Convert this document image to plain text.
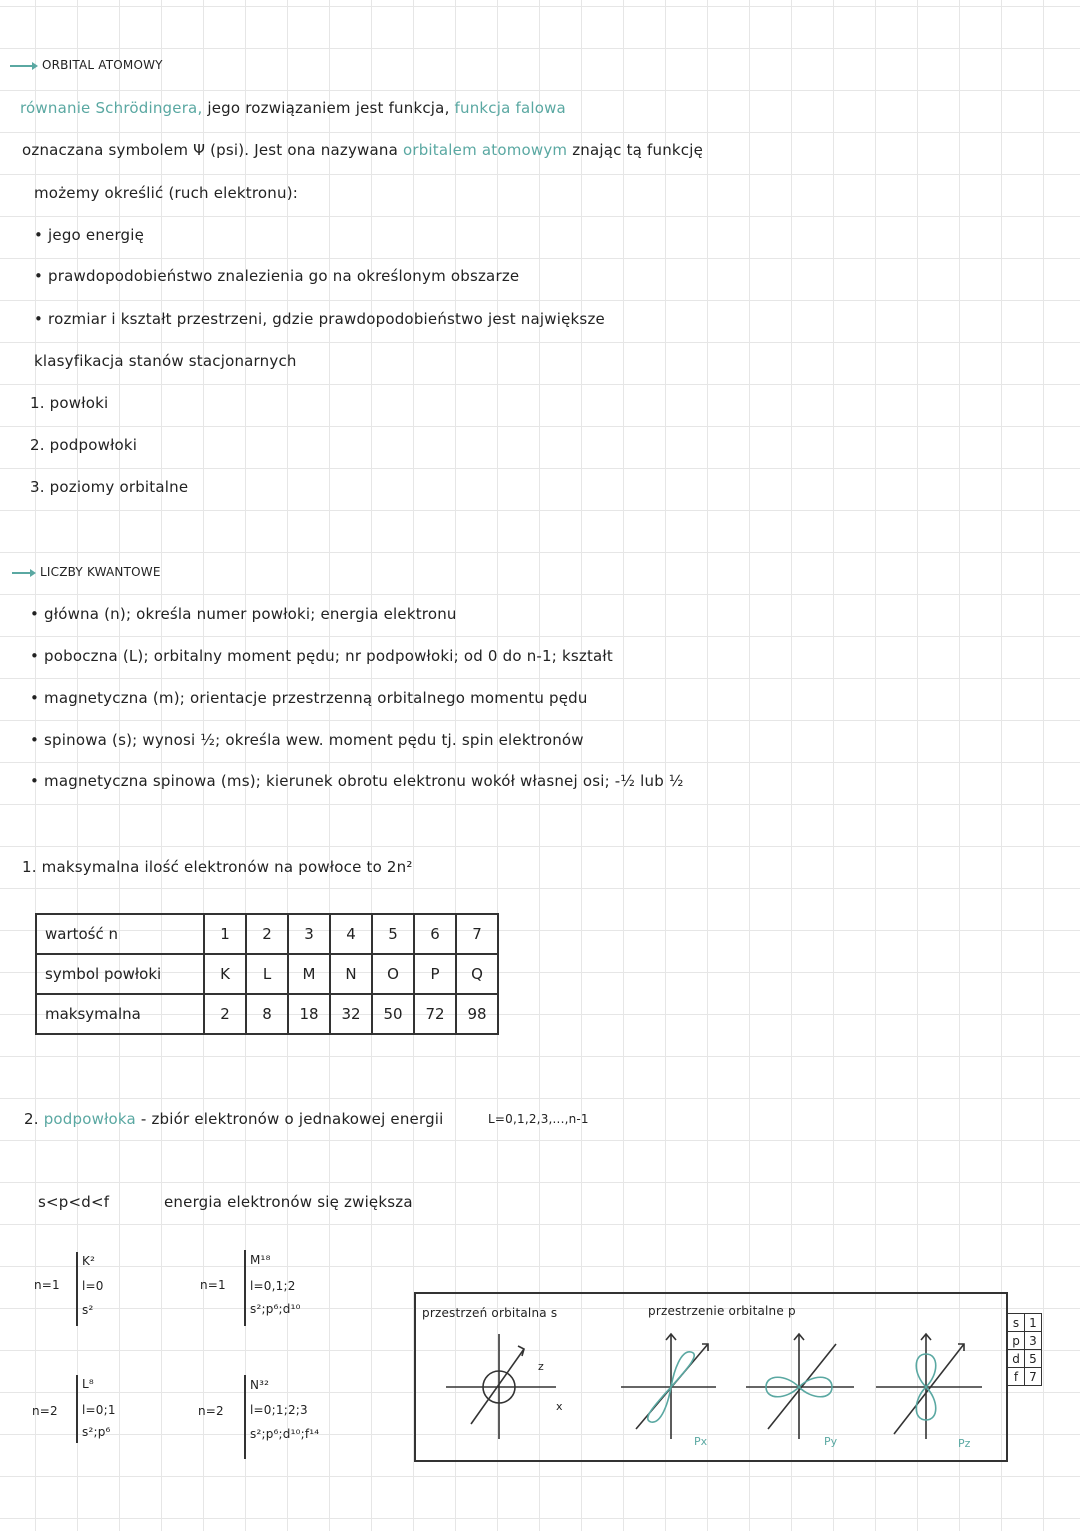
ORBITAL ATOMOWY
równanie Schrödingera, jego rozwiązaniem jest funkcja, funkcja falowa
oznaczana symbolem Ψ (psi). Jest ona nazywana orbitalem atomowym znając tą funkcję
możemy określić (ruch elektronu):
• jego energię
• prawdopodobieństwo znalezienia go na określonym obszarze
• rozmiar i kształt przestrzeni, gdzie prawdopodobieństwo jest największe
klasyfikacja stanów stacjonarnych
1. powłoki
2. podpowłoki
3. poziomy orbitalne
LICZBY KWANTOWE
• główna (n); określa numer powłoki; energia elektronu
• poboczna (L); orbitalny moment pędu; nr podpowłoki; od 0 do n-1; kształt
• magnetyczna (m); orientacje przestrzenną orbitalnego momentu pędu
• spinowa (s); wynosi ½; określa wew. moment pędu tj. spin elektronów
• magnetyczna spinowa (ms); kierunek obrotu elektronu wokół własnej osi; -½ lub ½
1. maksymalna ilość elektronów na powłoce to 2n²
wartość n	1	2	3	4	5	6	7
symbol powłoki	K	L	M	N	O	P	Q
maksymalna	2	8	18	32	50	72	98
2. podpowłoka - zbiór elektronów o jednakowej energii	L=0,1,2,3,...,n-1
s<p<d<f	energia elektronów się zwiększa
n=1
K²
l=0
s²
n=2
L⁸
l=0;1
s²;p⁶
n=1
M¹⁸
l=0,1;2
s²;p⁶;d¹⁰
n=2
N³²
l=0;1;2;3
s²;p⁶;d¹⁰;f¹⁴
z
x
Px	Py	Pz
przestrzeń orbitalna s	przestrzenie orbitalne p
s	1
p	3
d	5
f	7
